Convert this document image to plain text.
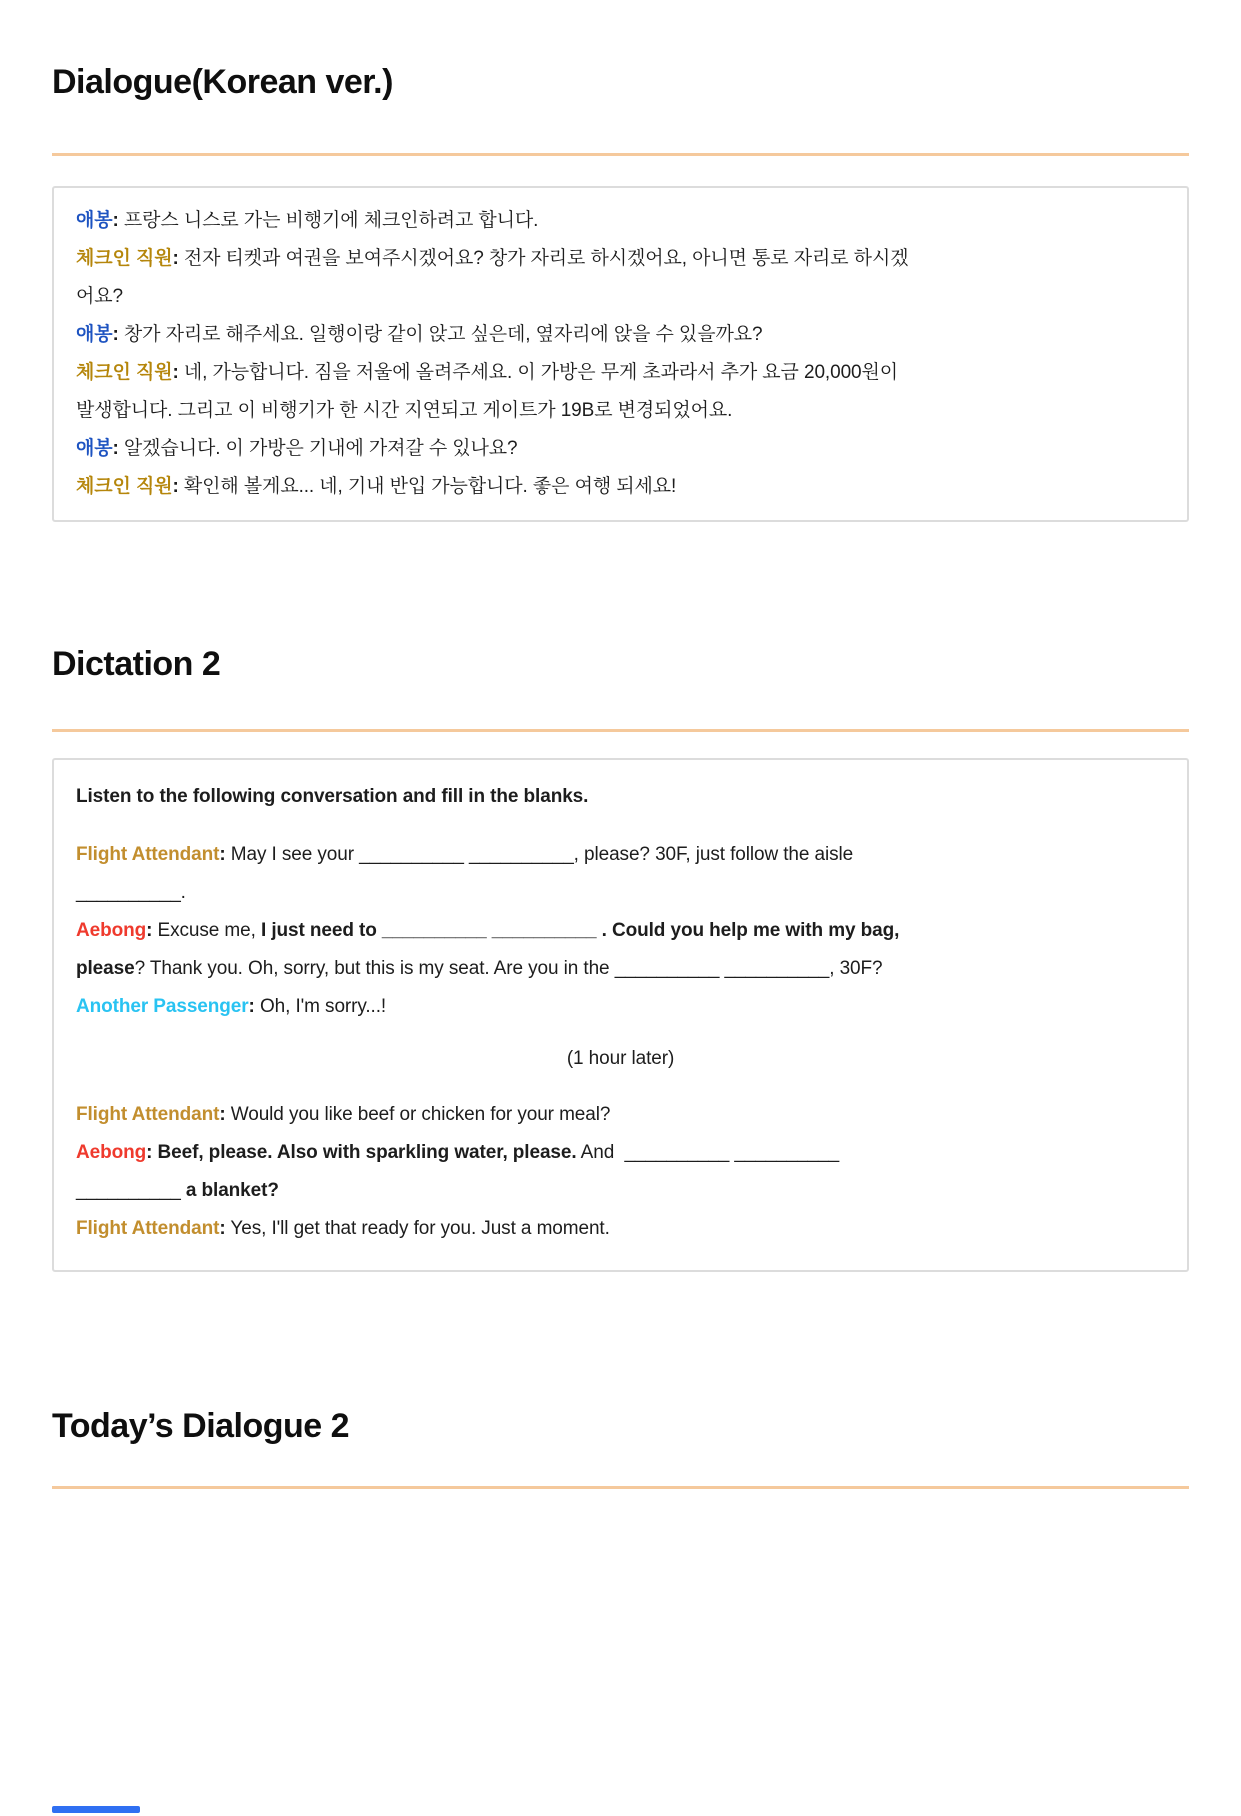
Dialogue(Korean ver.)
애봉: 프랑스 니스로 가는 비행기에 체크인하려고 합니다.
체크인 직원: 전자 티켓과 여권을 보여주시겠어요? 창가 자리로 하시겠어요, 아니면 통로 자리로 하시겠
어요?
애봉: 창가 자리로 해주세요. 일행이랑 같이 앉고 싶은데, 옆자리에 앉을 수 있을까요?
체크인 직원: 네, 가능합니다. 짐을 저울에 올려주세요. 이 가방은 무게 초과라서 추가 요금 20,000원이
발생합니다. 그리고 이 비행기가 한 시간 지연되고 게이트가 19B로 변경되었어요.
애봉: 알겠습니다. 이 가방은 기내에 가져갈 수 있나요?
체크인 직원: 확인해 볼게요... 네, 기내 반입 가능합니다. 좋은 여행 되세요!
Dictation 2
Listen to the following conversation and fill in the blanks.
Flight Attendant: May I see your __________ __________, please? 30F, just follow the aisle
__________.
Aebong: Excuse me, I just need to __________ __________ . Could you help me with my bag,
please? Thank you. Oh, sorry, but this is my seat. Are you in the __________ __________, 30F?
Another Passenger: Oh, I'm sorry...!
(1 hour later)
Flight Attendant: Would you like beef or chicken for your meal?
Aebong: Beef, please. Also with sparkling water, please. And  __________ __________
__________ a blanket?
Flight Attendant: Yes, I'll get that ready for you. Just a moment.
Today’s Dialogue 2
